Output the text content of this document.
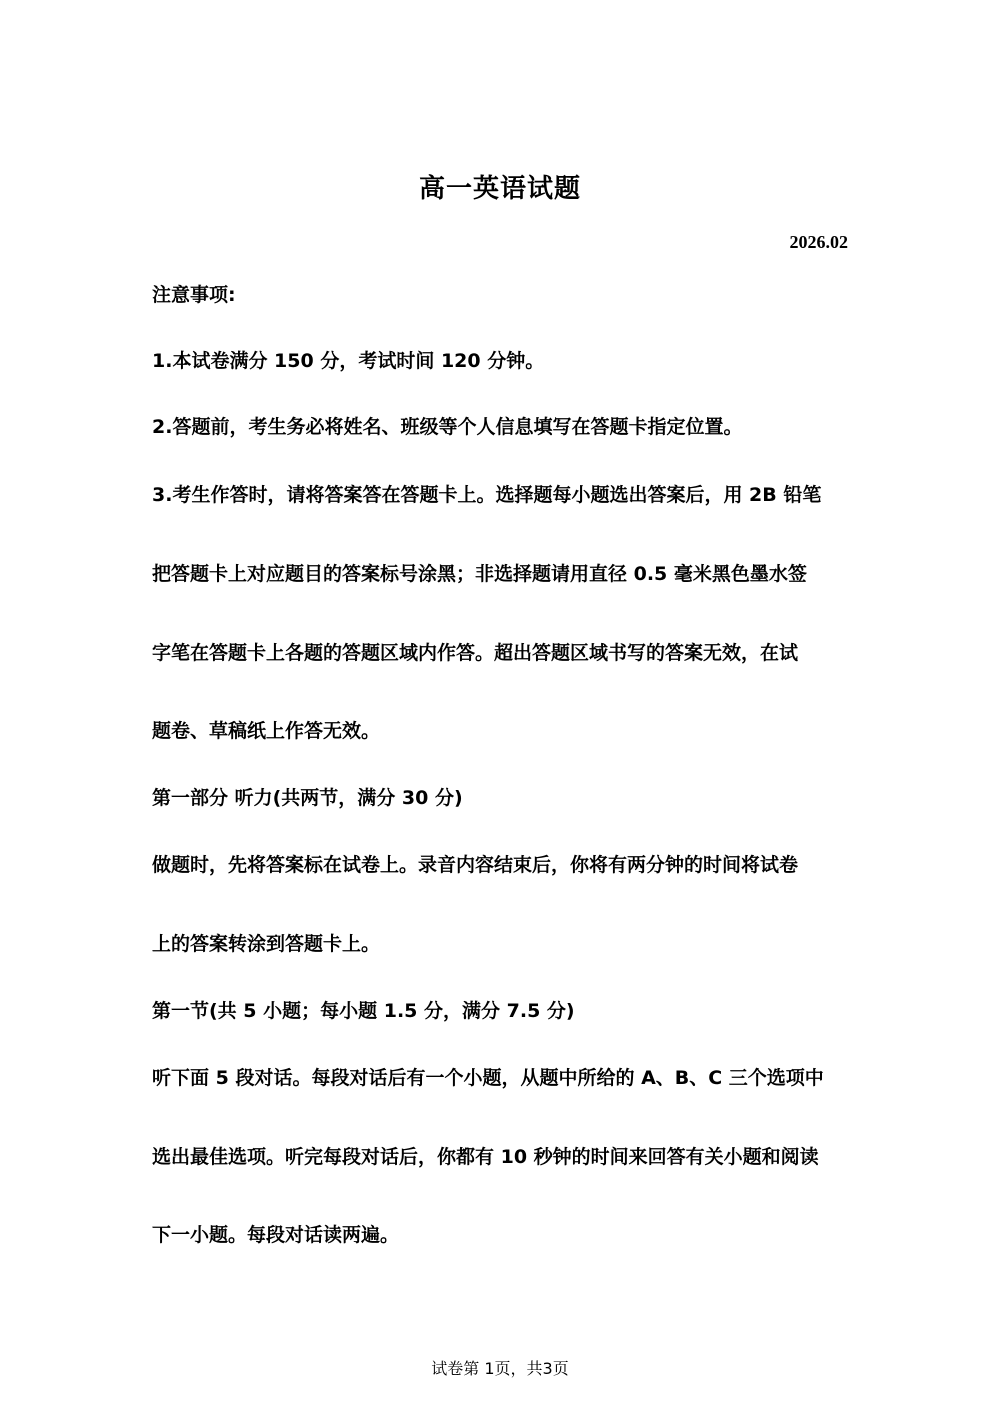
高一英语试题
2026.02
注意事项:
1.本试卷满分 150 分，考试时间 120 分钟。
2.答题前，考生务必将姓名、班级等个人信息填写在答题卡指定位置。
3.考生作答时，请将答案答在答题卡上。选择题每小题选出答案后，用 2B 铅笔
把答题卡上对应题目的答案标号涂黑；非选择题请用直径 0.5 毫米黑色墨水签
字笔在答题卡上各题的答题区域内作答。超出答题区域书写的答案无效，在试
题卷、草稿纸上作答无效。
第一部分 听力(共两节，满分 30 分)
做题时，先将答案标在试卷上。录音内容结束后，你将有两分钟的时间将试卷
上的答案转涂到答题卡上。
第一节(共 5 小题；每小题 1.5 分，满分 7.5 分)
听下面 5 段对话。每段对话后有一个小题，从题中所给的 A、B、C 三个选项中
选出最佳选项。听完每段对话后，你都有 10 秒钟的时间来回答有关小题和阅读
下一小题。每段对话读两遍。
试卷第 1页，共3页
